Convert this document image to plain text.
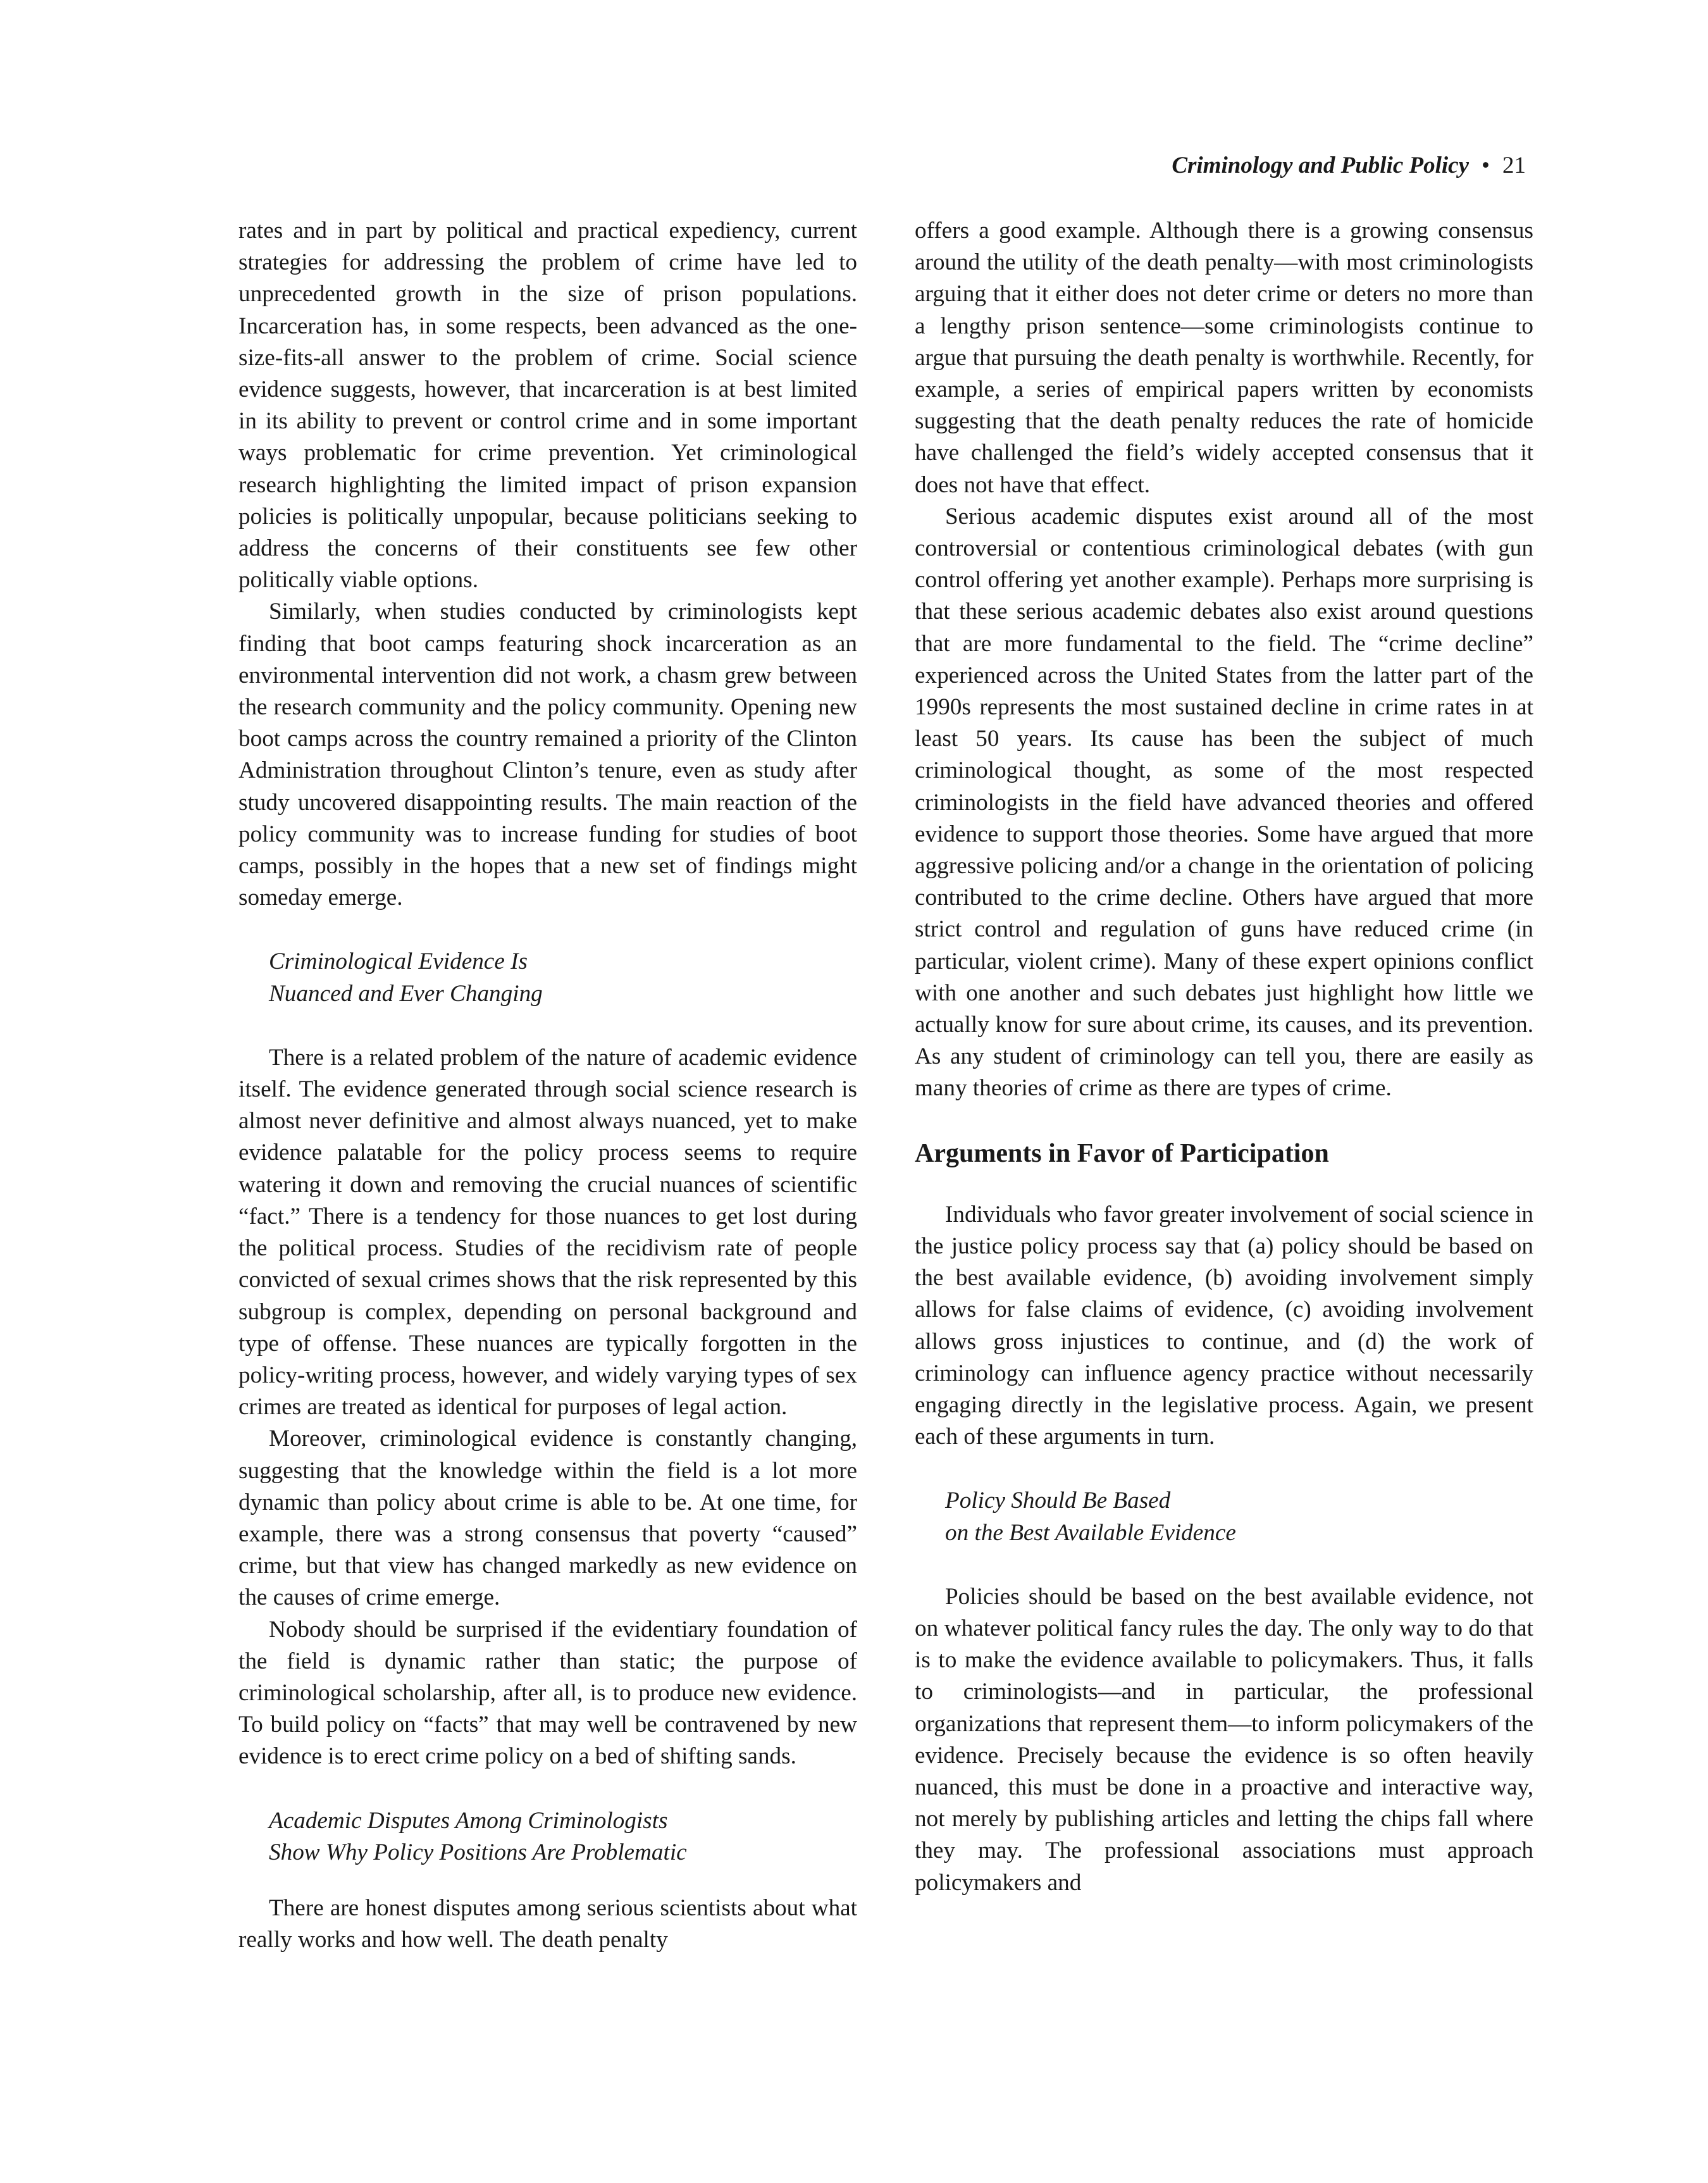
Criminology and Public Policy • 21

rates and in part by political and practical expediency, current strategies for addressing the problem of crime have led to unprecedented growth in the size of prison populations. Incarceration has, in some respects, been advanced as the one-size-fits-all answer to the problem of crime. Social science evidence suggests, however, that incarceration is at best limited in its ability to prevent or control crime and in some important ways problematic for crime prevention. Yet criminological research highlighting the limited impact of prison expansion policies is politically unpopular, because politicians seeking to address the concerns of their constituents see few other politically viable options.

Similarly, when studies conducted by criminologists kept finding that boot camps featuring shock incarceration as an environmental intervention did not work, a chasm grew between the research community and the policy community. Opening new boot camps across the country remained a priority of the Clinton Administration throughout Clinton’s tenure, even as study after study uncovered disappointing results. The main reaction of the policy community was to increase funding for studies of boot camps, possibly in the hopes that a new set of findings might someday emerge.

Criminological Evidence Is
Nuanced and Ever Changing

There is a related problem of the nature of academic evidence itself. The evidence generated through social science research is almost never definitive and almost always nuanced, yet to make evidence palatable for the policy process seems to require watering it down and removing the crucial nuances of scientific “fact.” There is a tendency for those nuances to get lost during the political process. Studies of the recidivism rate of people convicted of sexual crimes shows that the risk represented by this subgroup is complex, depending on personal background and type of offense. These nuances are typically forgotten in the policy-writing process, however, and widely varying types of sex crimes are treated as identical for purposes of legal action.

Moreover, criminological evidence is constantly changing, suggesting that the knowledge within the field is a lot more dynamic than policy about crime is able to be. At one time, for example, there was a strong consensus that poverty “caused” crime, but that view has changed markedly as new evidence on the causes of crime emerge.

Nobody should be surprised if the evidentiary foundation of the field is dynamic rather than static; the purpose of criminological scholarship, after all, is to produce new evidence. To build policy on “facts” that may well be contravened by new evidence is to erect crime policy on a bed of shifting sands.

Academic Disputes Among Criminologists
Show Why Policy Positions Are Problematic

There are honest disputes among serious scientists about what really works and how well. The death penalty

offers a good example. Although there is a growing consensus around the utility of the death penalty—with most criminologists arguing that it either does not deter crime or deters no more than a lengthy prison sentence—some criminologists continue to argue that pursuing the death penalty is worthwhile. Recently, for example, a series of empirical papers written by economists suggesting that the death penalty reduces the rate of homicide have challenged the field’s widely accepted consensus that it does not have that effect.

Serious academic disputes exist around all of the most controversial or contentious criminological debates (with gun control offering yet another example). Perhaps more surprising is that these serious academic debates also exist around questions that are more fundamental to the field. The “crime decline” experienced across the United States from the latter part of the 1990s represents the most sustained decline in crime rates in at least 50 years. Its cause has been the subject of much criminological thought, as some of the most respected criminologists in the field have advanced theories and offered evidence to support those theories. Some have argued that more aggressive policing and/or a change in the orientation of policing contributed to the crime decline. Others have argued that more strict control and regulation of guns have reduced crime (in particular, violent crime). Many of these expert opinions conflict with one another and such debates just highlight how little we actually know for sure about crime, its causes, and its prevention. As any student of criminology can tell you, there are easily as many theories of crime as there are types of crime.

Arguments in Favor of Participation

Individuals who favor greater involvement of social science in the justice policy process say that (a) policy should be based on the best available evidence, (b) avoiding involvement simply allows for false claims of evidence, (c) avoiding involvement allows gross injustices to continue, and (d) the work of criminology can influence agency practice without necessarily engaging directly in the legislative process. Again, we present each of these arguments in turn.

Policy Should Be Based
on the Best Available Evidence

Policies should be based on the best available evidence, not on whatever political fancy rules the day. The only way to do that is to make the evidence available to policymakers. Thus, it falls to criminologists—and in particular, the professional organizations that represent them—to inform policymakers of the evidence. Precisely because the evidence is so often heavily nuanced, this must be done in a proactive and interactive way, not merely by publishing articles and letting the chips fall where they may. The professional associations must approach policymakers and
